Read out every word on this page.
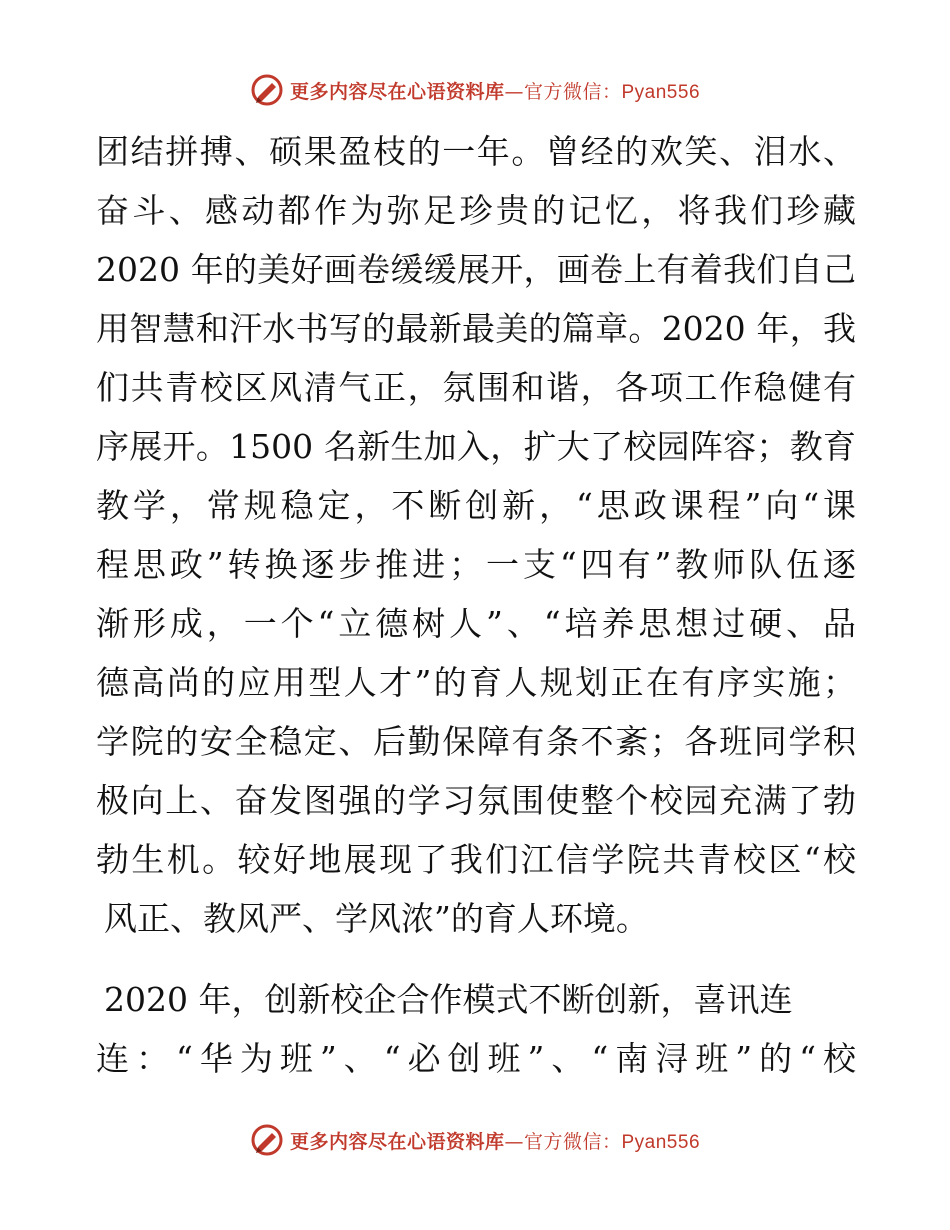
更多内容尽在心语资料库—官方微信：Pyan556
团结拼搏、硕果盈枝的一年。曾经的欢笑、泪水、
奋斗、感动都作为弥足珍贵的记忆，将我们珍藏
2020 年的美好画卷缓缓展开，画卷上有着我们自己
用智慧和汗水书写的最新最美的篇章。2020 年，我
们共青校区风清气正，氛围和谐，各项工作稳健有
序展开。1500 名新生加入，扩大了校园阵容；教育
教学，常规稳定，不断创新，“思政课程”向“课
程思政”转换逐步推进；一支“四有”教师队伍逐
渐形成，一个“立德树人”、“培养思想过硬、品
德高尚的应用型人才”的育人规划正在有序实施；
学院的安全稳定、后勤保障有条不紊；各班同学积
极向上、奋发图强的学习氛围使整个校园充满了勃
勃生机。较好地展现了我们江信学院共青校区“校
风正、教风严、学风浓”的育人环境。
2020 年，创新校企合作模式不断创新，喜讯连
连：“华为班”、“必创班”、“南浔班”的“校
更多内容尽在心语资料库—官方微信：Pyan556
